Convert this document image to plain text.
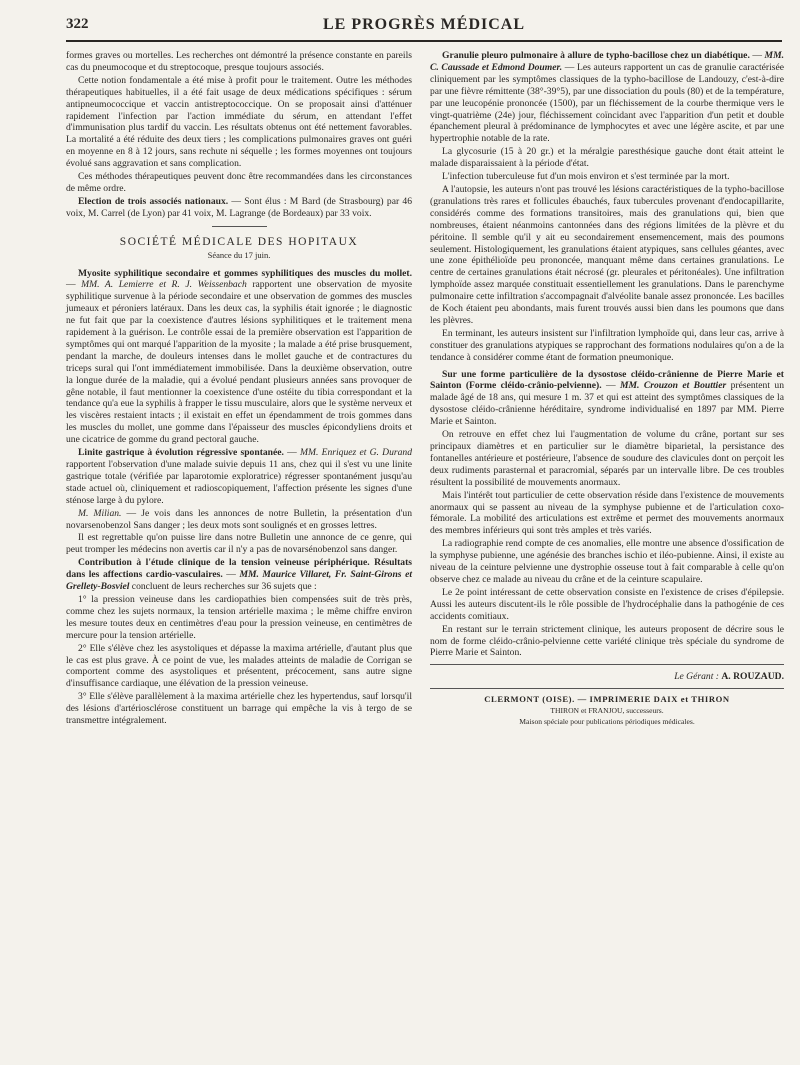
322	LE PROGRÈS MÉDICAL

formes graves ou mortelles. Les recherches ont démontré la présence constante en pareils cas du pneumocoque et du streptocoque, presque toujours associés.

Cette notion fondamentale a été mise à profit pour le traitement. Outre les méthodes thérapeutiques habituelles, il a été fait usage de deux médications spécifiques : sérum antipneumococcique et vaccin antistreptococcique. On se proposait ainsi d'atténuer rapidement l'infection par l'action immédiate du sérum, en attendant l'effet d'immunisation plus tardif du vaccin. Les résultats obtenus ont été nettement favorables. La mortalité a été réduite des deux tiers ; les complications pulmonaires graves ont guéri en moyenne en 8 à 12 jours, sans rechute ni séquelle ; les formes moyennes ont toujours évolué sans aggravation et sans complication.

Ces méthodes thérapeutiques peuvent donc être recommandées dans les circonstances de même ordre.

Election de trois associés nationaux. — Sont élus : M Bard (de Strasbourg) par 46 voix, M. Carrel (de Lyon) par 41 voix, M. Lagrange (de Bordeaux) par 33 voix.

SOCIÉTÉ MÉDICALE DES HOPITAUX
Séance du 17 juin.

Myosite syphilitique secondaire et gommes syphilitiques des muscles du mollet. — MM. A. Lemierre et R. J. Weissenbach rapportent une observation de myosite syphilitique survenue à la période secondaire et une observation de gommes des muscles jumeaux et péroniers latéraux. Dans les deux cas, la syphilis était ignorée ; le diagnostic ne fut fait que par la coexistence d'autres lésions syphilitiques et le traitement mena rapidement à la guérison. Le contrôle essai de la première observation est l'apparition de symptômes qui ont marqué l'apparition de la myosite ; la malade a été prise brusquement, pendant la marche, de douleurs intenses dans le mollet gauche et de contractures du triceps sural qui l'ont immédiatement immobilisée. Dans la deuxième observation, outre la longue durée de la maladie, qui a évolué pendant plusieurs années sans provoquer de gêne notable, il faut mentionner la coexistence d'une ostéite du tibia correspondant et la tendance qu'a eue la syphilis à frapper le tissu musculaire, alors que le système nerveux et les viscères restaient intacts ; il existait en effet un épendamment de trois gommes dans les muscles du mollet, une gomme dans l'épaisseur des muscles épicondyliens droits et une cicatrice de gomme du grand pectoral gauche.

Linite gastrique à évolution régressive spontanée. — MM. Enriquez et G. Durand rapportent l'observation d'une malade suivie depuis 11 ans, chez qui il s'est vu une linite gastrique totale (vérifiée par laparotomie exploratrice) régresser spontanément jusqu'au stade actuel où, cliniquement et radioscopiquement, l'affection présente les signes d'une sténose large à du pylore.

M. Milian. — Je vois dans les annonces de notre Bulletin, la présentation d'un novarsenobenzol Sans danger ; les deux mots sont soulignés et en grosses lettres.

Il est regrettable qu'on puisse lire dans notre Bulletin une annonce de ce genre, qui peut tromper les médecins non avertis car il n'y a pas de novarsénobenzol sans danger.

Contribution à l'étude clinique de la tension veineuse périphérique. Résultats dans les affections cardio-vasculaires. — MM. Maurice Villaret, Fr. Saint-Girons et Grellety-Bosviel concluent de leurs recherches sur 36 sujets que :

1° la pression veineuse dans les cardiopathies bien compensées suit de très près, comme chez les sujets normaux, la tension artérielle maxima ; le même chiffre environ les mesure toutes deux en centimètres d'eau pour la pression veineuse, en centimètres de mercure pour la tension artérielle.

2° Elle s'élève chez les asystoliques et dépasse la maxima artérielle, d'autant plus que le cas est plus grave. À ce point de vue, les malades atteints de maladie de Corrigan se comportent comme des asystoliques et présentent, précocement, sans autre signe d'insuffisance cardiaque, une élévation de la pression veineuse.

3° Elle s'élève parallèlement à la maxima artérielle chez les hypertendus, sauf lorsqu'il des lésions d'artériosclérose constituent un barrage qui empêche la vis à tergo de se transmettre intégralement.

Granulie pleuro pulmonaire à allure de typho-bacillose chez un diabétique. — MM. C. Caussade et Edmond Doumer. — Les auteurs rapportent un cas de granulie caractérisée cliniquement par les symptômes classiques de la typho-bacillose de Landouzy, c'est-à-dire par une fièvre rémittente (38°-39°5), par une dissociation du pouls (80) et de la température, par une leucopénie prononcée (1500), par un fléchissement de la courbe thermique vers le vingt-quatrième (24e) jour, fléchissement coïncidant avec l'apparition d'un petit et double épanchement pleural à prédominance de lymphocytes et avec une légère ascite, et par une hypertrophie notable de la rate.

La glycosurie (15 à 20 gr.) et la méralgie paresthésique gauche dont était atteint le malade disparaissaient à la période d'état.

L'infection tuberculeuse fut d'un mois environ et s'est terminée par la mort.

A l'autopsie, les auteurs n'ont pas trouvé les lésions caractéristiques de la typho-bacillose (granulations très rares et follicules ébauchés, faux tubercules provenant d'endocapillarite, considérés comme des formations transitoires, mais des granulations qui, bien que nombreuses, étaient néanmoins cantonnées dans des régions limitées de la plèvre et du péritoine. Il semble qu'il y ait eu secondairement ensemencement, mais des poumons seulement. Histologiquement, les granulations étaient atypiques, sans cellules géantes, avec une zone épithélioïde peu prononcée, manquant même dans certaines granulations. Le centre de certaines granulations était nécrosé (gr. pleurales et péritonéales). Une infiltration lymphoïde assez marquée constituait essentiellement les granulations. Dans le parenchyme pulmonaire cette infiltration s'accompagnait d'alvéolite banale assez prononcée. Les bacilles de Koch étaient peu abondants, mais furent trouvés aussi bien dans les poumons que dans les plèvres.

En terminant, les auteurs insistent sur l'infiltration lymphoïde qui, dans leur cas, arrive à constituer des granulations atypiques se rapprochant des formations nodulaires qu'on a de la tendance à considérer comme étant de formation pneumonique.

Sur une forme particulière de la dysostose cléido-crânienne de Pierre Marie et Sainton (Forme cléido-crânio-pelvienne). — MM. Crouzon et Bouttier présentent un malade âgé de 18 ans, qui mesure 1 m. 37 et qui est atteint des symptômes classiques de la dysostose cléido-crânienne héréditaire, syndrome individualisé en 1897 par MM. Pierre Marie et Sainton.

On retrouve en effet chez lui l'augmentation de volume du crâne, portant sur ses principaux diamètres et en particulier sur le diamètre biparietal, la persistance des fontanelles antérieure et postérieure, l'absence de soudure des clavicules dont on perçoit les deux rudiments parasternal et paracromial, séparés par un intervalle libre. De ces troubles résultent la possibilité de mouvements anormaux.

Mais l'intérêt tout particulier de cette observation réside dans l'existence de mouvements anormaux qui se passent au niveau de la symphyse pubienne et de l'articulation coxo-fémorale. La mobilité des articulations est extrême et permet des mouvements anormaux des membres inférieurs qui sont très amples et très variés.

La radiographie rend compte de ces anomalies, elle montre une absence d'ossification de la symphyse pubienne, une agénésie des branches ischio et iléo-pubienne. Ainsi, il existe au niveau de la ceinture pelvienne une dystrophie osseuse tout à fait comparable à celle qu'on observe chez ce malade au niveau du crâne et de la ceinture scapulaire.

Le 2e point intéressant de cette observation consiste en l'existence de crises d'épilepsie. Aussi les auteurs discutent-ils le rôle possible de l'hydrocéphalie dans la pathogénie de ces accidents comitiaux.

En restant sur le terrain strictement clinique, les auteurs proposent de décrire sous le nom de forme cléido-crânio-pelvienne cette variété clinique très spéciale du syndrome de Pierre Marie et Sainton.

Le Gérant : A. ROUZAUD.

CLERMONT (OISE). — IMPRIMERIE DAIX et THIRON
THIRON et FRANJOU, successeurs.
Maison spéciale pour publications périodiques médicales.
